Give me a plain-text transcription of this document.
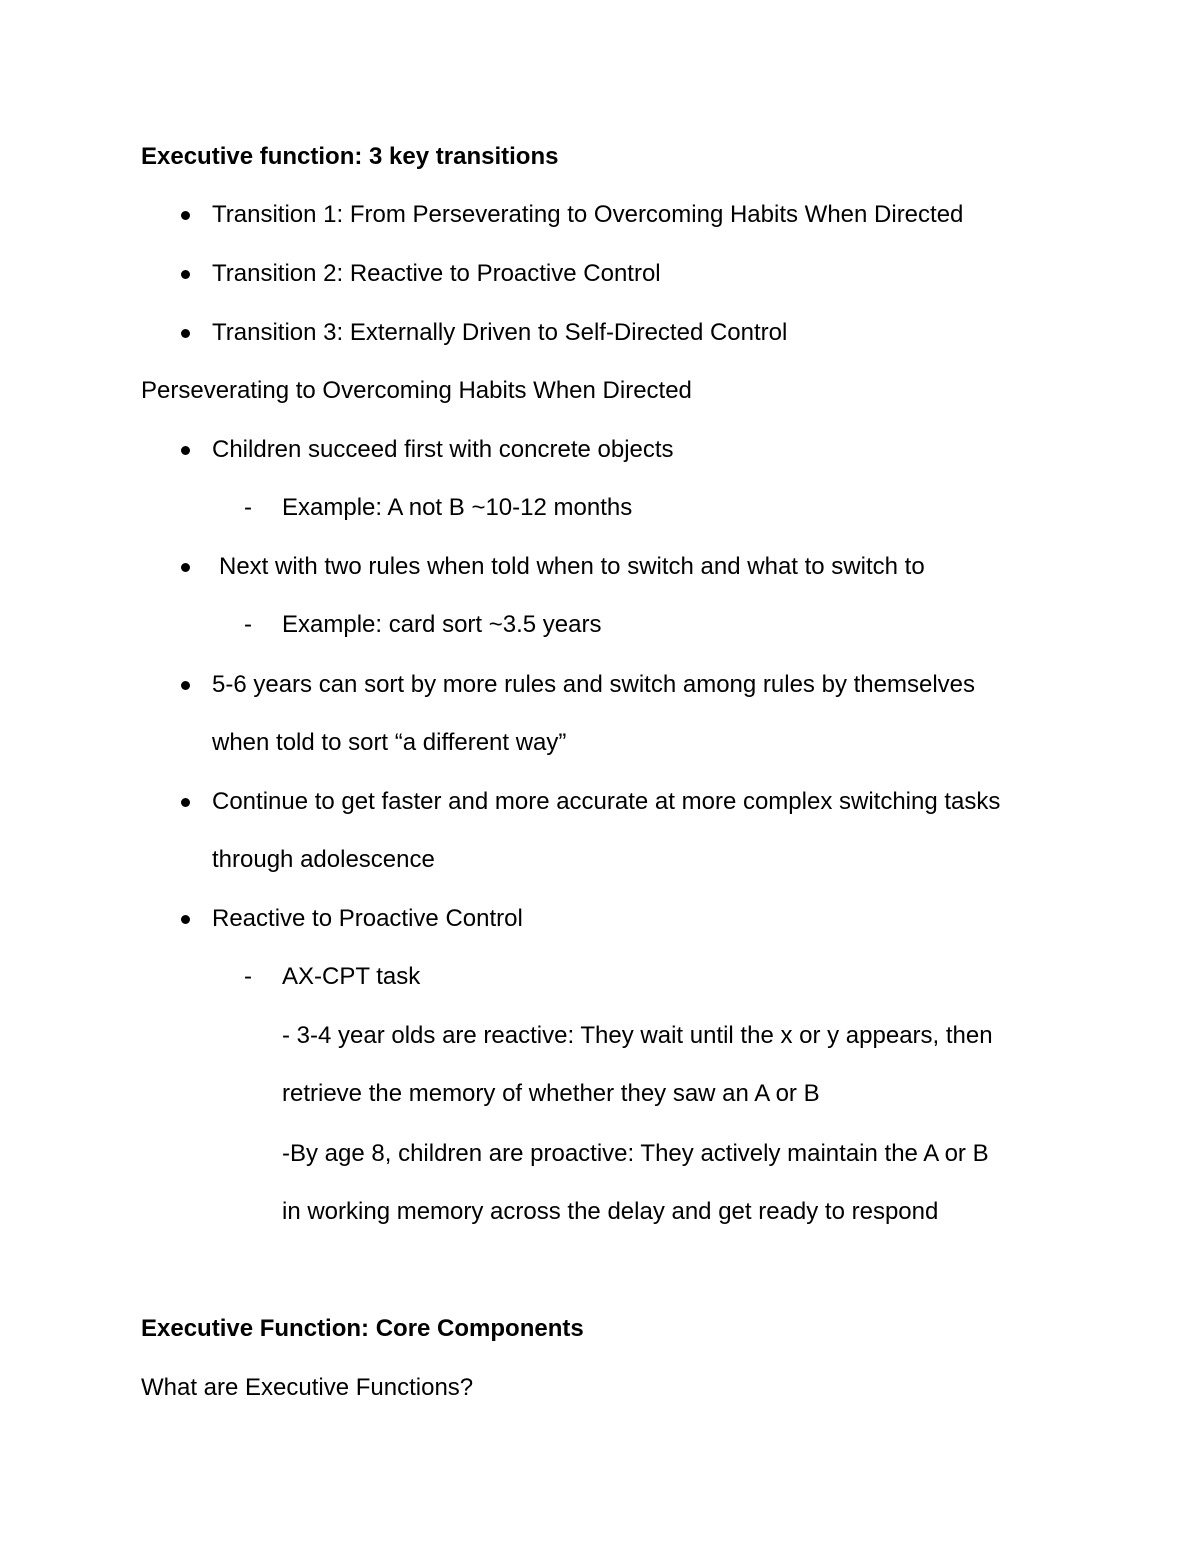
Executive function: 3 key transitions
Transition 1: From Perseverating to Overcoming Habits When Directed
Transition 2: Reactive to Proactive Control
Transition 3: Externally Driven to Self-Directed Control
Perseverating to Overcoming Habits When Directed
Children succeed first with concrete objects
- Example: A not B ~10-12 months
Next with two rules when told when to switch and what to switch to
- Example: card sort ~3.5 years
5-6 years can sort by more rules and switch among rules by themselves
when told to sort “a different way”
Continue to get faster and more accurate at more complex switching tasks
through adolescence
Reactive to Proactive Control
- AX-CPT task
- 3-4 year olds are reactive: They wait until the x or y appears, then
retrieve the memory of whether they saw an A or B
-By age 8, children are proactive: They actively maintain the A or B
in working memory across the delay and get ready to respond
Executive Function: Core Components
What are Executive Functions?
